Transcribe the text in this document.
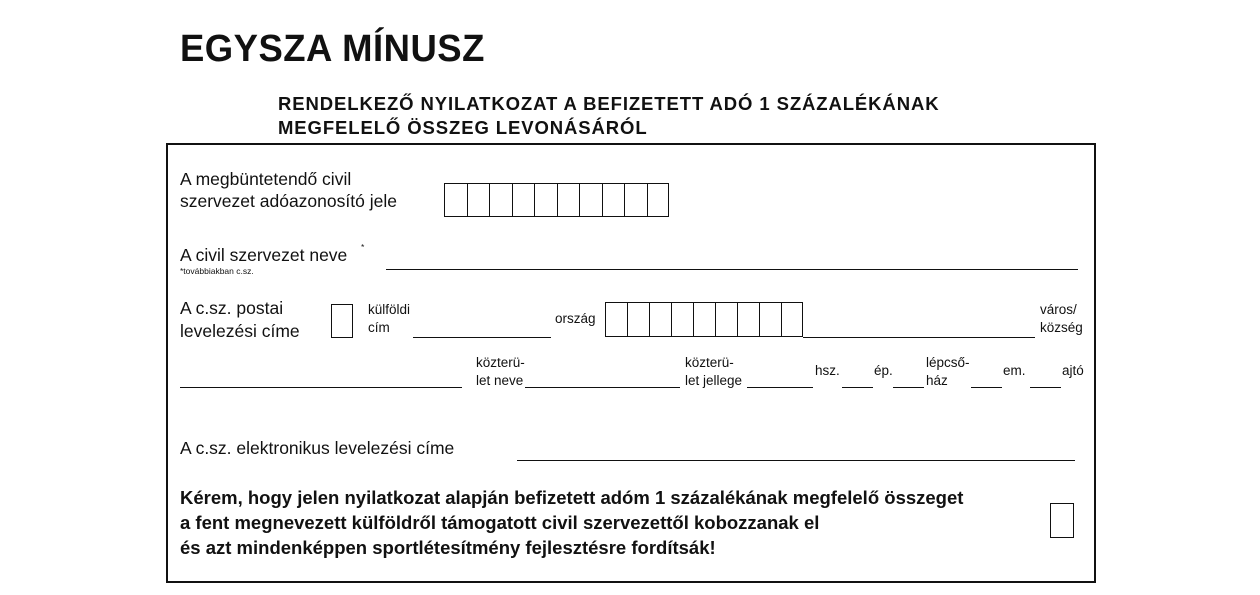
EGYSZA MÍNUSZ
RENDELKEZŐ NYILATKOZAT A BEFIZETETT ADÓ 1 SZÁZALÉKÁNAK
MEGFELELŐ ÖSSZEG LEVONÁSÁRÓL
A megbüntetendő civil
szervezet adóazonosító jele
A civil szervezet neve *
*továbbiakban c.sz.
A c.sz. postai
levelezési címe
külföldi
cím
ország
város/
község
közterü-
let neve
közterü-
let jellege
hsz.	ép.
lépcső-
ház
em.	ajtó
A c.sz. elektronikus levelezési címe
Kérem, hogy jelen nyilatkozat alapján befizetett adóm 1 százalékának megfelelő összeget
a fent megnevezett külföldről támogatott civil szervezettől kobozzanak el
és azt mindenképpen sportlétesítmény fejlesztésre fordítsák!
